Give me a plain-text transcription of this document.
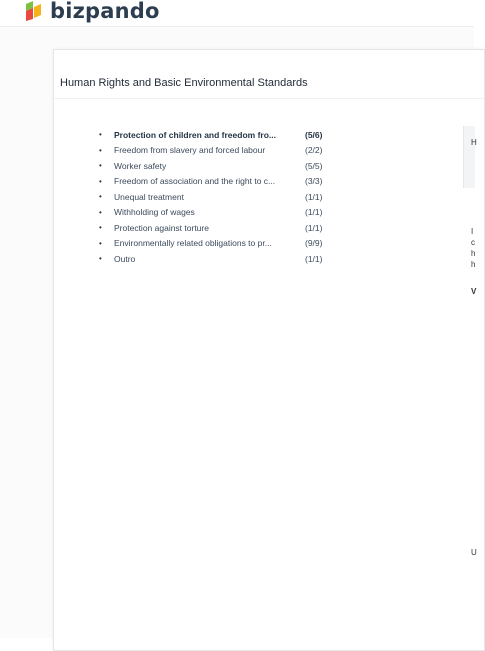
bizpando
Human Rights and Basic Environmental Standards
•	Protection of children and freedom fro...	(5/6)
•	Freedom from slavery and forced labour	(2/2)
•	Worker safety	(5/5)
•	Freedom of association and the right to c...	(3/3)
•	Unequal treatment	(1/1)
•	Withholding of wages	(1/1)
•	Protection against torture	(1/1)
•	Environmentally related obligations to pr...	(9/9)
•	Outro	(1/1)
H
I
c
h
h
V
U
